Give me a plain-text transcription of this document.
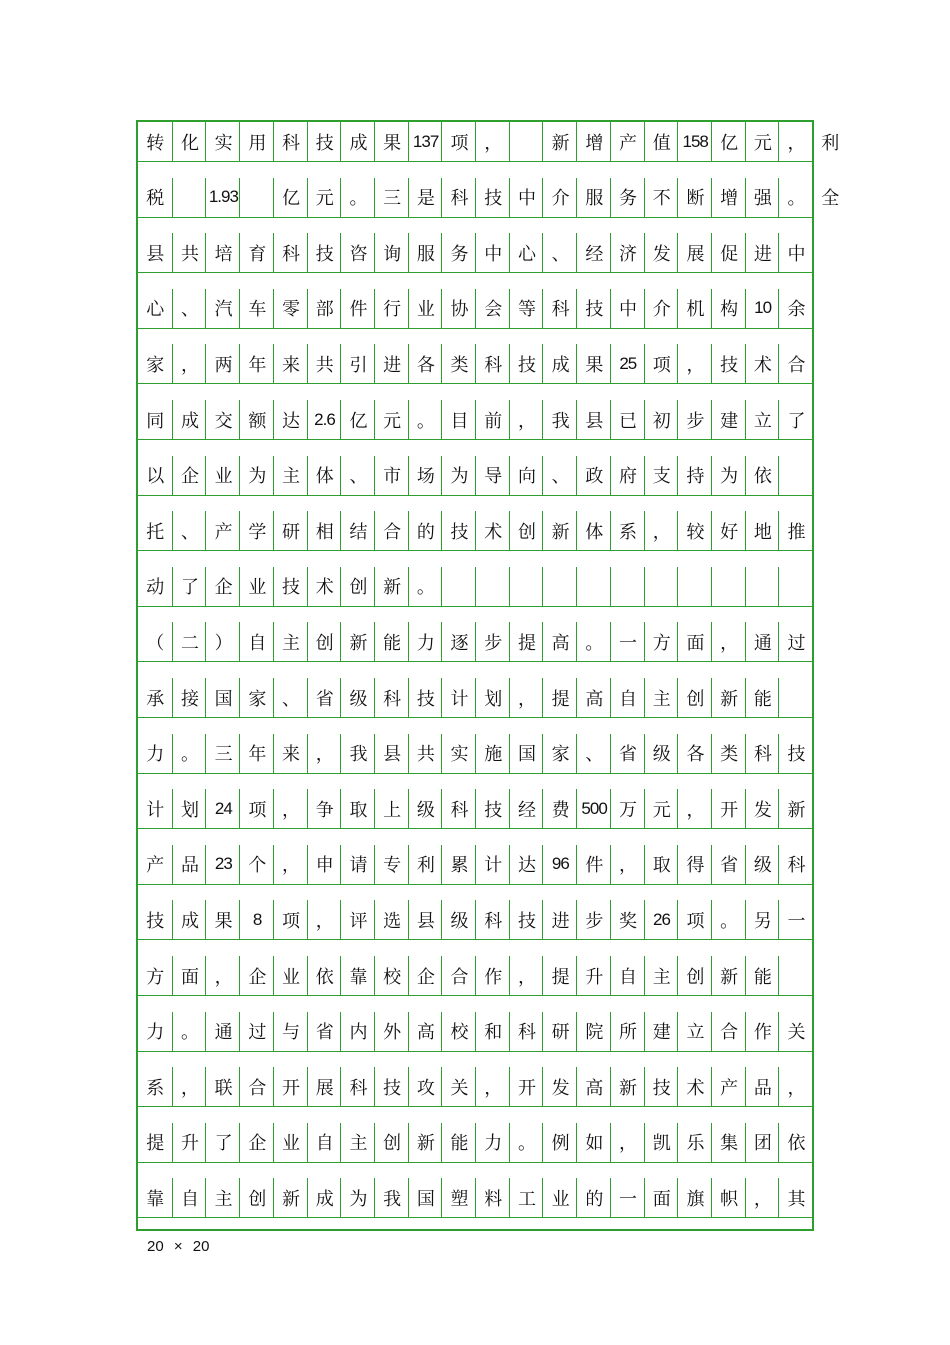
转 化 实 用 科 技 成 果 137 项 ，	新 增 产 值 158 亿 元 ， 利
税	1.93	亿 元 。 三 是 科 技 中 介 服 务 不 断 增 强 。 全
县 共 培 育 科 技 咨 询 服 务 中 心 、 经 济 发 展 促 进 中
心 、 汽 车 零 部 件 行 业 协 会 等 科 技 中 介 机 构 10 余
家 ， 两 年 来 共 引 进 各 类 科 技 成 果 25 项 ， 技 术 合
同 成 交 额 达 2.6 亿 元 。 目 前 ， 我 县 已 初 步 建 立 了
以 企 业 为 主 体 、 市 场 为 导 向 、 政 府 支 持 为 依
托 、 产 学 研 相 结 合 的 技 术 创 新 体 系 ， 较 好 地 推
动 了 企 业 技 术 创 新 。
（ 二 ） 自 主 创 新 能 力 逐 步 提 高 。 一 方 面 ， 通 过
承 接 国 家 、 省 级 科 技 计 划 ， 提 高 自 主 创 新 能
力 。 三 年 来 ， 我 县 共 实 施 国 家 、 省 级 各 类 科 技
计 划 24 项 ， 争 取 上 级 科 技 经 费 500 万 元 ， 开 发 新
产 品 23 个 ， 申 请 专 利 累 计 达 96 件 ， 取 得 省 级 科
技 成 果	8	项 ， 评 选 县 级 科 技 进 步 奖 26 项 。 另 一
方 面 ， 企 业 依 靠 校 企 合 作 ， 提 升 自 主 创 新 能
力 。 通 过 与 省 内 外 高 校 和 科 研 院 所 建 立 合 作 关
系 ， 联 合 开 展 科 技 攻 关 ， 开 发 高 新 技 术 产 品 ，
提 升 了 企 业 自 主 创 新 能 力 。 例 如 ， 凯 乐 集 团 依
靠 自 主 创 新 成 为 我 国 塑 料 工 业 的 一 面 旗 帜 ， 其
20 × 20
